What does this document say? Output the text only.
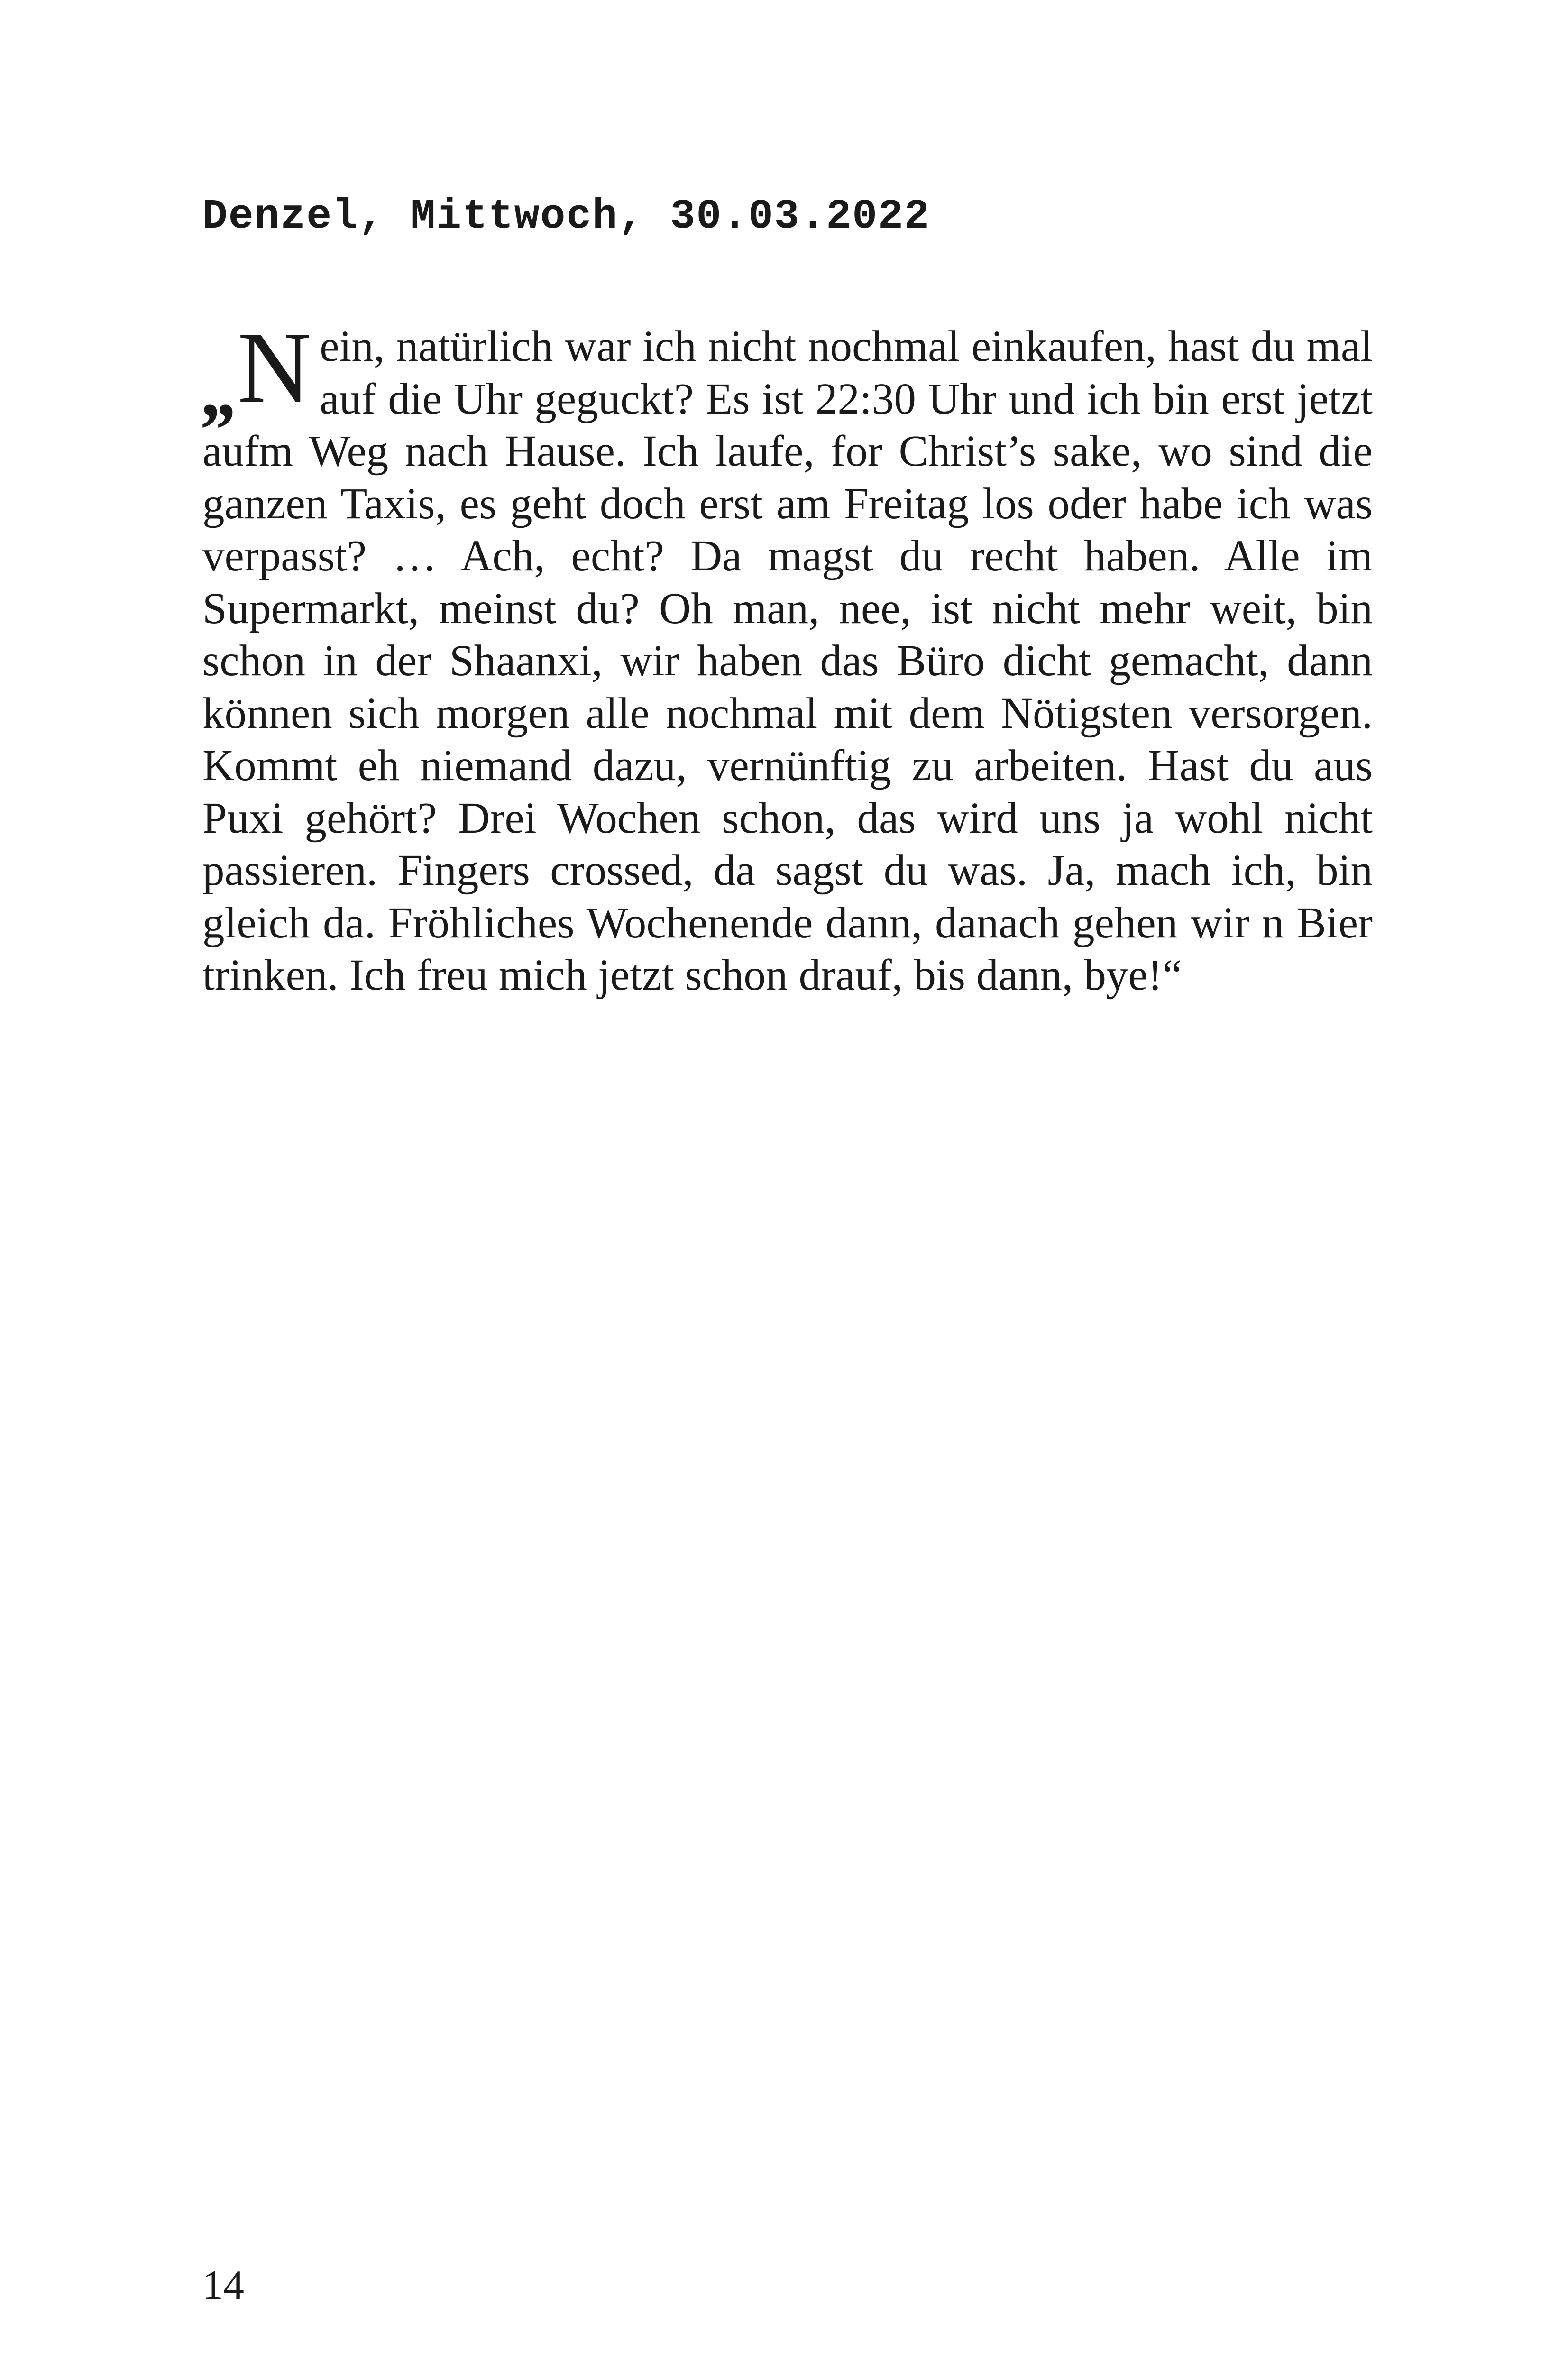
Denzel, Mittwoch, 30.03.2022

„N ein, natürlich war ich nicht nochmal einkaufen, hast du mal auf die Uhr geguckt? Es ist 22:30 Uhr und ich bin erst jetzt aufm Weg nach Hause. Ich laufe, for Christ’s sake, wo sind die ganzen Taxis, es geht doch erst am Freitag los oder habe ich was verpasst? … Ach, echt? Da magst du recht haben. Alle im Supermarkt, meinst du? Oh man, nee, ist nicht mehr weit, bin schon in der Shaanxi, wir haben das Büro dicht gemacht, dann können sich morgen alle nochmal mit dem Nötigsten versorgen. Kommt eh niemand dazu, vernünftig zu arbeiten. Hast du aus Puxi gehört? Drei Wochen schon, das wird uns ja wohl nicht passieren. Fingers crossed, da sagst du was. Ja, mach ich, bin gleich da. Fröhliches Wochenende dann, danach gehen wir n Bier trinken. Ich freu mich jetzt schon drauf, bis dann, bye!“

14
